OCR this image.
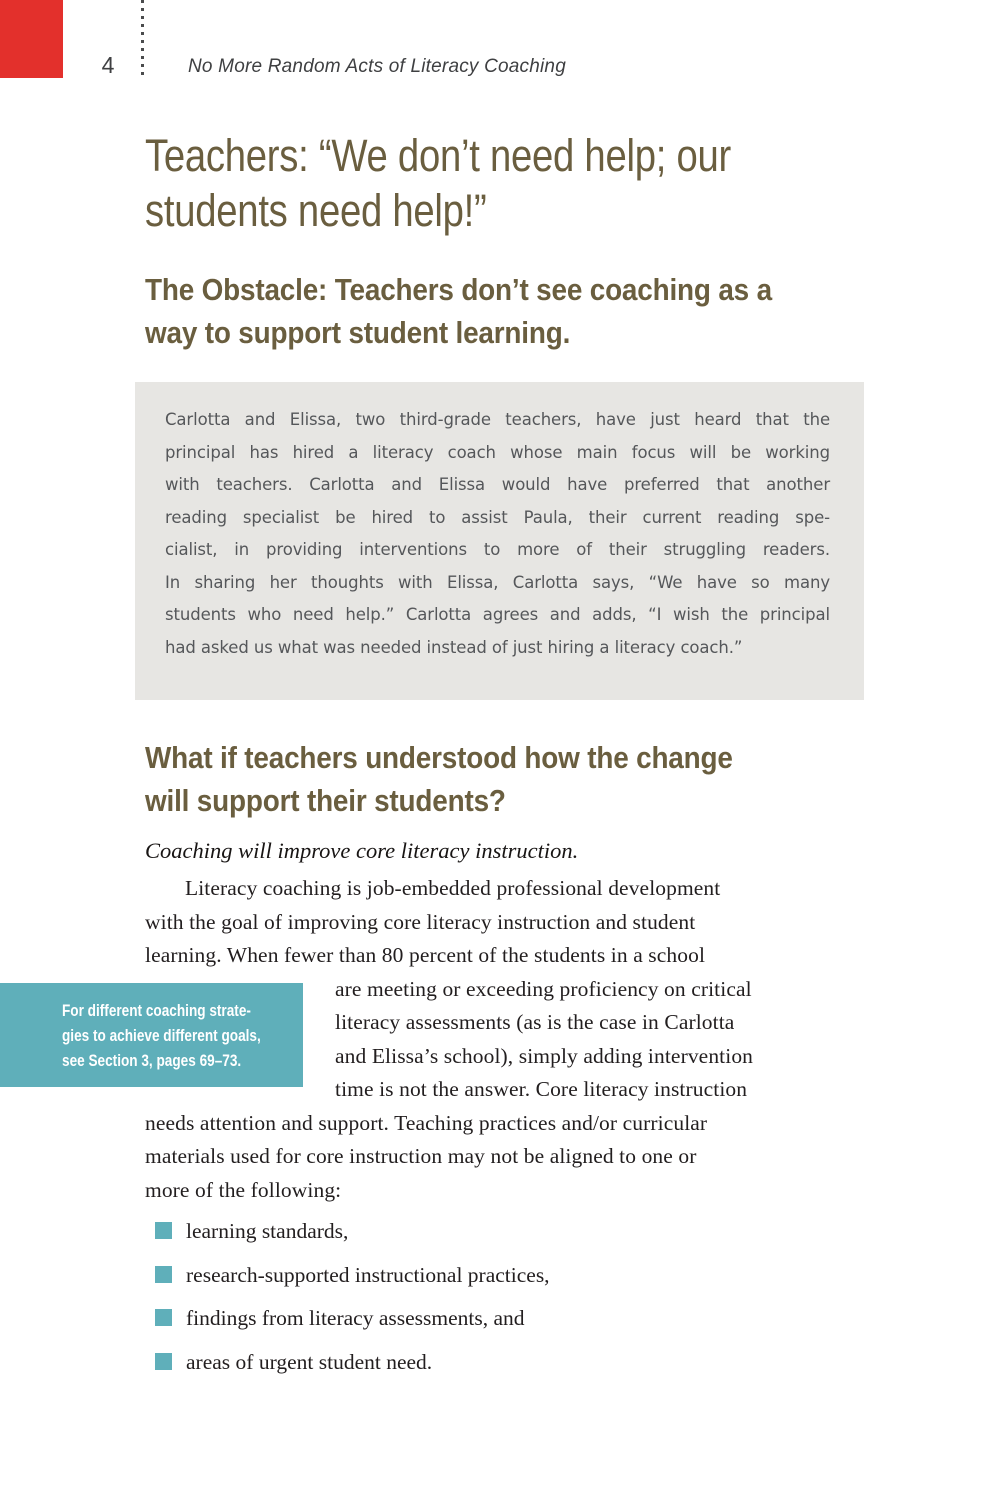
4	No More Random Acts of Literacy Coaching
Teachers: “We don’t need help; our
students need help!”
The Obstacle: Teachers don’t see coaching as a
way to support student learning.
Carlotta and Elissa, two third-grade teachers, have just heard that the
principal has hired a literacy coach whose main focus will be working
with teachers. Carlotta and Elissa would have preferred that another
reading specialist be hired to assist Paula, their current reading spe-
cialist, in providing interventions to more of their struggling readers.
In sharing her thoughts with Elissa, Carlotta says, “We have so many
students who need help.” Carlotta agrees and adds, “I wish the principal
had asked us what was needed instead of just hiring a literacy coach.”
What if teachers understood how the change
will support their students?
Coaching will improve core literacy instruction.
Literacy coaching is job-embedded professional development
with the goal of improving core literacy instruction and student
learning. When fewer than 80 percent of the students in a school
For different coaching strate-
gies to achieve different goals,
see Section 3, pages 69–73.
are meeting or exceeding proficiency on critical
literacy assessments (as is the case in Carlotta
and Elissa’s school), simply adding intervention
time is not the answer. Core literacy instruction
needs attention and support. Teaching practices and/or curricular
materials used for core instruction may not be aligned to one or
more of the following:
learning standards,
research-supported instructional practices,
findings from literacy assessments, and
areas of urgent student need.
